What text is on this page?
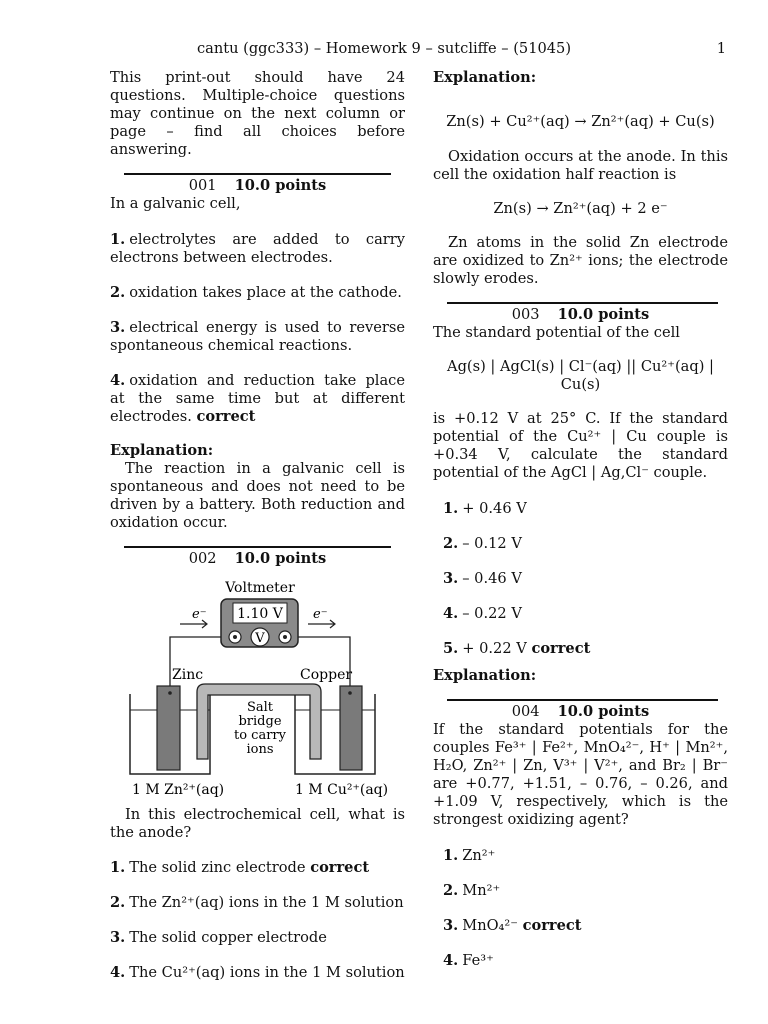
cantu (ggc333) – Homework 9 – sutcliffe – (51045)	1

This print-out should have 24 questions. Multiple-choice questions may continue on the next column or page – find all choices before answering.

001 10.0 points

In a galvanic cell,

1. electrolytes are added to carry electrons between electrodes.

2. oxidation takes place at the cathode.

3. electrical energy is used to reverse spontaneous chemical reactions.

4. oxidation and reduction take place at the same time but at different electrodes. correct

Explanation:

The reaction in a galvanic cell is spontaneous and does not need to be driven by a battery. Both reduction and oxidation occur.

002 10.0 points
Voltmeter
1.10 V
V
e⁻	e⁻
Zinc	Copper
Salt
bridge
to carry
ions
1 M Zn²⁺(aq)	1 M Cu²⁺(aq)

In this electrochemical cell, what is the anode?

1. The solid zinc electrode correct

2. The Zn²⁺(aq) ions in the 1 M solution

3. The solid copper electrode

4. The Cu²⁺(aq) ions in the 1 M solution

Explanation:

Zn(s) + Cu²⁺(aq) → Zn²⁺(aq) + Cu(s)

Oxidation occurs at the anode. In this cell the oxidation half reaction is

Zn(s) → Zn²⁺(aq) + 2 e⁻

Zn atoms in the solid Zn electrode are oxidized to Zn²⁺ ions; the electrode slowly erodes.

003 10.0 points

The standard potential of the cell

Ag(s) | AgCl(s) | Cl⁻(aq) || Cu²⁺(aq) | Cu(s)

is +0.12 V at 25° C. If the standard potential of the Cu²⁺ | Cu couple is +0.34 V, calculate the standard potential of the AgCl | Ag,Cl⁻ couple.

1. + 0.46 V

2. – 0.12 V

3. – 0.46 V

4. – 0.22 V

5. + 0.22 V correct

Explanation:

004 10.0 points

If the standard potentials for the couples Fe³⁺ | Fe²⁺, MnO₄²⁻, H⁺ | Mn²⁺, H₂O, Zn²⁺ | Zn, V³⁺ | V²⁺, and Br₂ | Br⁻ are +0.77, +1.51, – 0.76, – 0.26, and +1.09 V, respectively, which is the strongest oxidizing agent?

1. Zn²⁺

2. Mn²⁺

3. MnO₄²⁻ correct

4. Fe³⁺
